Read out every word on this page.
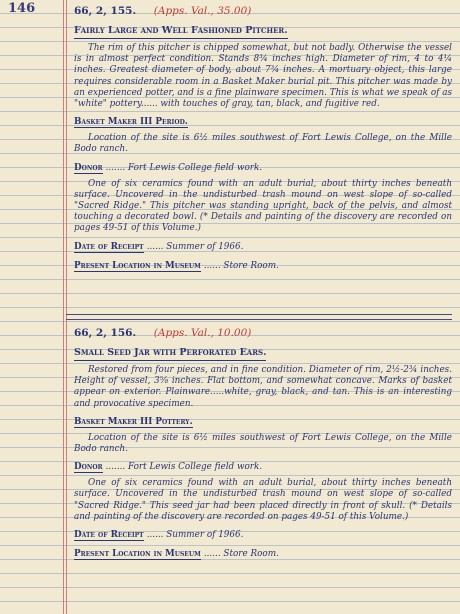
146	66, 2, 155. (Apps. Val., 35.00)
Fairly Large and Well Fashioned Pitcher.

The rim of this pitcher is chipped somewhat, but not badly. Otherwise the vessel is in almost perfect condition. Stands 8¾ inches high. Diameter of rim, 4 to 4¼ inches. Greatest diameter of body, about 7¾ inches. A mortuary object, this large requires considerable room in a Basket Maker burial pit. This pitcher was made by an experienced potter, and is a fine plainware specimen. This is what we speak of as "white" pottery...... with touches of gray, tan, black, and fugitive red.

Basket Maker III Period.

Location of the site is 6½ miles southwest of Fort Lewis College, on the Mille Bodo ranch.

Donor ....... Fort Lewis College field work.

One of six ceramics found with an adult burial, about thirty inches beneath surface. Uncovered in the undisturbed trash mound on west slope of so-called "Sacred Ridge." This pitcher was standing upright, back of the pelvis, and almost touching a decorated bowl. (* Details and painting of the discovery are recorded on pages 49-51 of this Volume.)

Date of Receipt ...... Summer of 1966.
Present Location in Museum ...... Store Room.
66, 2, 156. (Apps. Val., 10.00)
Small Seed Jar with Perforated Ears.

Restored from four pieces, and in fine condition. Diameter of rim, 2½-2¾ inches. Height of vessel, 3⅝ inches. Flat bottom, and somewhat concave. Marks of basket appear on exterior. Plainware.....white, gray, black, and tan. This is an interesting and provocative specimen.

Basket Maker III Pottery.

Location of the site is 6½ miles southwest of Fort Lewis College, on the Mille Bodo ranch.

Donor ....... Fort Lewis College field work.

One of six ceramics found with an adult burial, about thirty inches beneath surface. Uncovered in the undisturbed trash mound on west slope of so-called "Sacred Ridge." This seed jar had been placed directly in front of skull. (* Details and painting of the discovery are recorded on pages 49-51 of this Volume.)

Date of Receipt ...... Summer of 1966.
Present Location in Museum ...... Store Room.
